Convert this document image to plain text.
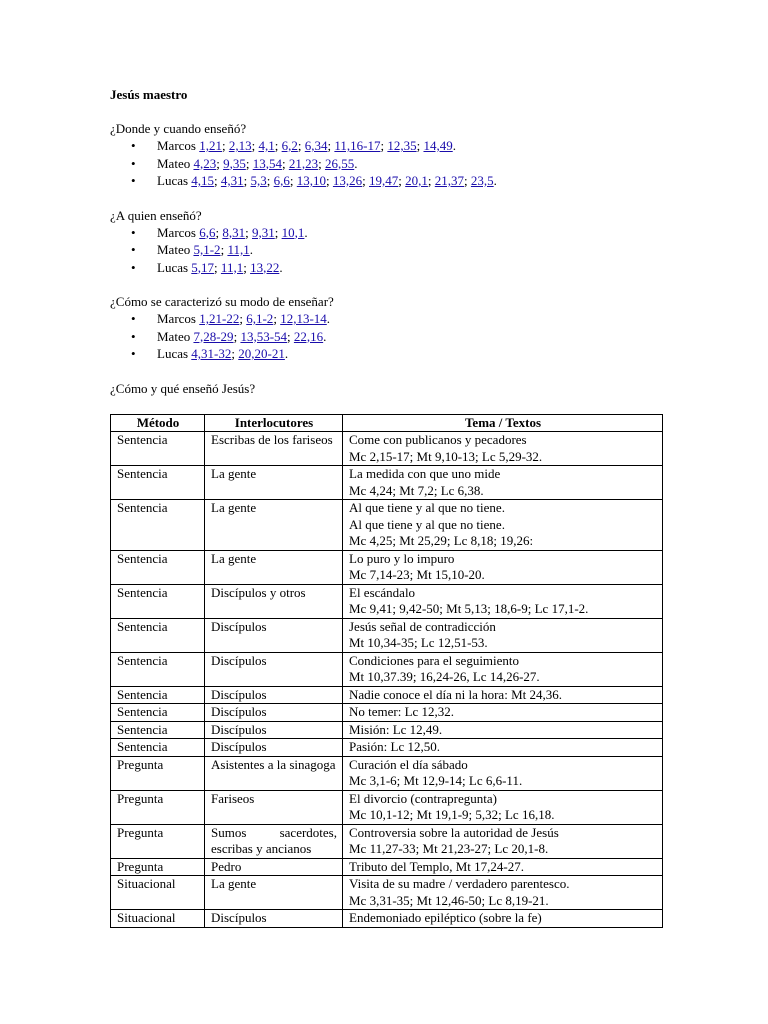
Jesús maestro

¿Donde y cuando enseñó?

• Marcos 1,21; 2,13; 4,1; 6,2; 6,34; 11,16-17; 12,35; 14,49.
• Mateo 4,23; 9,35; 13,54; 21,23; 26,55.
• Lucas 4,15; 4,31; 5,3; 6,6; 13,10; 13,26; 19,47; 20,1; 21,37; 23,5.

¿A quien enseñó?

• Marcos 6,6; 8,31; 9,31; 10,1.
• Mateo 5,1-2; 11,1.
• Lucas 5,17; 11,1; 13,22.

¿Cómo se caracterizó su modo de enseñar?

• Marcos 1,21-22; 6,1-2; 12,13-14.
• Mateo 7,28-29; 13,53-54; 22,16.
• Lucas 4,31-32; 20,20-21.

¿Cómo y qué enseñó Jesús?

Método	Interlocutores	Tema / Textos
Sentencia	Escribas de los fariseos	Come con publicanos y pecadores
Mc 2,15-17; Mt 9,10-13; Lc 5,29-32.

Sentencia	La gente	La medida con que uno mide
Mc 4,24; Mt 7,2; Lc 6,38.

Sentencia	La gente	Al que tiene y al que no tiene.
Al que tiene y al que no tiene.
Mc 4,25; Mt 25,29; Lc 8,18; 19,26:

Sentencia	La gente	Lo puro y lo impuro
Mc 7,14-23; Mt 15,10-20.

Sentencia	Discípulos y otros	El escándalo
Mc 9,41; 9,42-50; Mt 5,13; 18,6-9; Lc 17,1-2.

Sentencia	Discípulos	Jesús señal de contradicción
Mt 10,34-35; Lc 12,51-53.

Sentencia	Discípulos	Condiciones para el seguimiento
Mt 10,37.39; 16,24-26, Lc 14,26-27.

Sentencia	Discípulos	Nadie conoce el día ni la hora: Mt 24,36.

Sentencia	Discípulos	No temer: Lc 12,32.

Sentencia	Discípulos	Misión: Lc 12,49.

Sentencia	Discípulos	Pasión: Lc 12,50.

Pregunta	Asistentes a la sinagoga	Curación el día sábado
Mc 3,1-6; Mt 12,9-14; Lc 6,6-11.

Pregunta	Fariseos	El divorcio (contrapregunta)
Mc 10,1-12; Mt 19,1-9; 5,32; Lc 16,18.

Pregunta	Sumos sacerdotes, escribas y ancianos	Controversia sobre la autoridad de Jesús
Mc 11,27-33; Mt 21,23-27; Lc 20,1-8.

Pregunta	Pedro	Tributo del Templo, Mt 17,24-27.

Situacional	La gente	Visita de su madre / verdadero parentesco.
Mc 3,31-35; Mt 12,46-50; Lc 8,19-21.

Situacional	Discípulos	Endemoniado epiléptico (sobre la fe)
